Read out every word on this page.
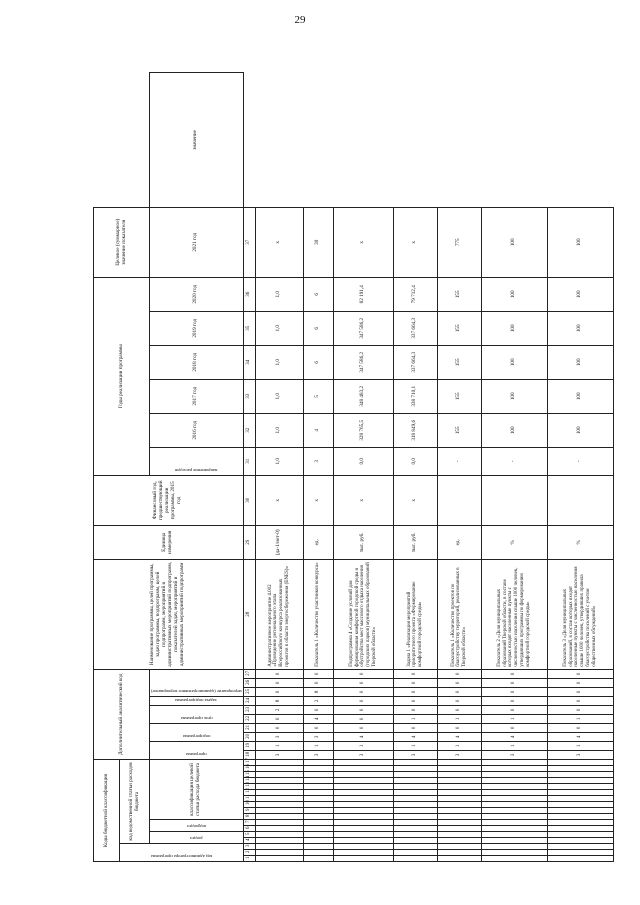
29
Коды бюджетной классификации																	Дополнительный аналитический код										Наименование программы, целей программы, задач программы, подпрограмм, целей подпрограмм, мероприятий и административных мероприятий подпрограмм, показателей задач, мероприятий и административных мероприятий подпрограмм	Единица измерения	Финансовый год, предшествующий реализации программы, 2015 год	Годы реализации программы						Целевое (суммарное) значение показателя	

код администратора программы			код ведомственной статьи расходов бюджета																																		

			раздел		подраздел		классификация целевой статьи расхода бюджета										программа		подпрограмма		цель программы		задача подпрограммы	мероприятие (административное мероприятие)						направление расходов	2016 год	2017 год	2018 год	2019 год	2020 год	2021 год	значение
1	2	3	4	5	6	7	8	9	10	11	12	13	14	15	16	17	18	19	20	21	22	23	24	25	26	27	28	29	30	31	32	33	34	35	36	37	
																	3	1	3	0	0	2	8	0	0	0	Административное мероприятие 4.002 «Проведение регионального этапа Всероссийского конкурса реализованных проектов в области энергосбережения (ENES)»	(да-1/нет-0)	х	1,0	1,0	1,0	1,0	1,0	1,0	х	
																	3	1	3	0	4	0	2	8	0	0	Показатель 1 «Количество участников конкурса»	ед.	х	3	4	5	6	6	6	30	
																	3	1	4	0	0	0	0	0	0	0	Подпрограмма 4 «Создание условий для формирования комфортной городской среды и обустройства мест массового отдыха населения (городских парков) муниципальных образований Тверской области»	тыс. руб.	х	0,0	328 765,5	348 483,2	347 586,2	347 586,2	82 191,4	х	
																	3	1	4	0	1	0	0	0	0	0	Задача 1 «Реализация мероприятий приоритетного проекта «Формирование комфортной городской среды»	тыс. руб.	х	0,0	318 849,6	338 710,1	337 664,3	337 664,3	79 712,4	х	
																	3	1	4	0	1	0	0	0	0	0	Показатель 1 «Количество проектов по благоустройству территорий, реализованных в Тверской области»	ед.		-	155	155	155	155	155	775	
																	3	1	4	0	1	0	0	0	0	0	Показатель 2 «Доля муниципальных образований Тверской области, в составе которых входят населенные пункты с численностью населения свыше 1000 человек, утвердивших программы по формированию комфортной городской среды»	%		-	100	100	100	100	100	100	
																	3	1	4	0	1	0	0	0	0	0	Показатель 3 «Доля муниципальных образований, в состав которых входят населенные пункты с численностью населения свыше 1000 человек, утвердивших правила благоустройства поселений с учетом общественных обсуждений»	%		-	100	100	100	100	100	100	
